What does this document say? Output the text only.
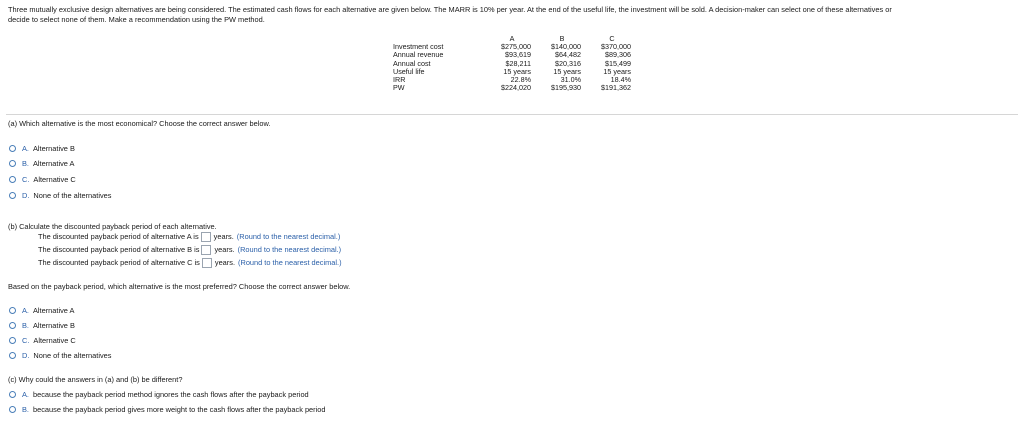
Three mutually exclusive design alternatives are being considered. The estimated cash flows for each alternative are given below. The MARR is 10% per year. At the end of the useful life, the investment will be sold. A decision-maker can select one of these alternatives or
decide to select none of them. Make a recommendation using the PW method.
	A	B	C
Investment cost	$275,000	$140,000	$370,000
Annual revenue	$93,619	$64,482	$89,306
Annual cost	$28,211	$20,316	$15,499
Useful life	15 years	15 years	15 years
IRR	22.8%	31.0%	18.4%
PW	$224,020	$195,930	$191,362
(a) Which alternative is the most economical? Choose the correct answer below.
A. Alternative B
B. Alternative A
C. Alternative C
D. None of the alternatives
(b) Calculate the discounted payback period of each alternative.
The discounted payback period of alternative A is years. (Round to the nearest decimal.)
The discounted payback period of alternative B is years. (Round to the nearest decimal.)
The discounted payback period of alternative C is years. (Round to the nearest decimal.)
Based on the payback period, which alternative is the most preferred? Choose the correct answer below.
A. Alternative A
B. Alternative B
C. Alternative C
D. None of the alternatives
(c) Why could the answers in (a) and (b) be different?
A. because the payback period method ignores the cash flows after the payback period
B. because the payback period gives more weight to the cash flows after the payback period
